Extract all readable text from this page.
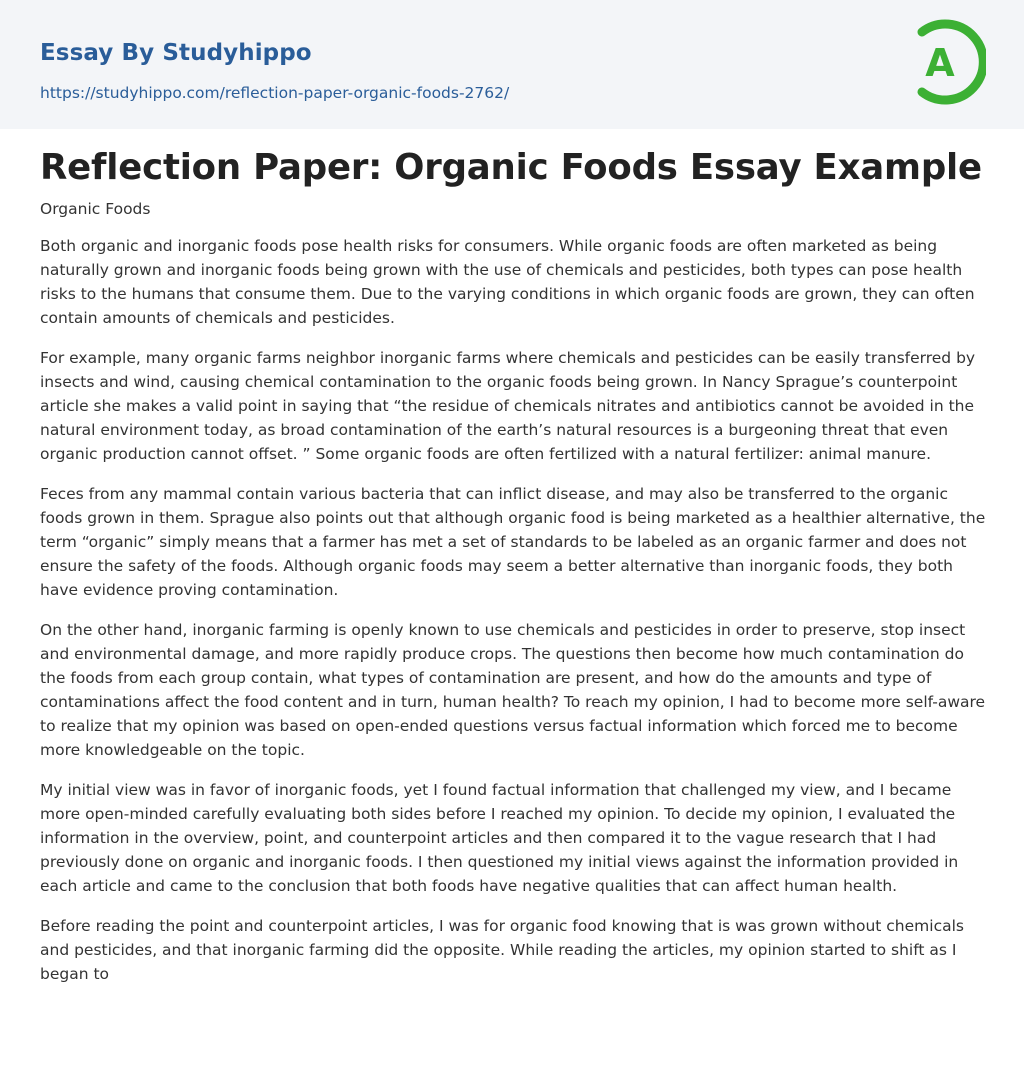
Essay By Studyhippo
https://studyhippo.com/reflection-paper-organic-foods-2762/
A
Reflection Paper: Organic Foods Essay Example
Organic Foods

Both organic and inorganic foods pose health risks for consumers. While organic foods are often marketed as being naturally grown and inorganic foods being grown with the use of chemicals and pesticides, both types can pose health risks to the humans that consume them. Due to the varying conditions in which organic foods are grown, they can often contain amounts of chemicals and pesticides.

For example, many organic farms neighbor inorganic farms where chemicals and pesticides can be easily transferred by insects and wind, causing chemical contamination to the organic foods being grown. In Nancy Sprague’s counterpoint article she makes a valid point in saying that “the residue of chemicals nitrates and antibiotics cannot be avoided in the natural environment today, as broad contamination of the earth’s natural resources is a burgeoning threat that even organic production cannot offset. ” Some organic foods are often fertilized with a natural fertilizer: animal manure.

Feces from any mammal contain various bacteria that can inflict disease, and may also be transferred to the organic foods grown in them. Sprague also points out that although organic food is being marketed as a healthier alternative, the term “organic” simply means that a farmer has met a set of standards to be labeled as an organic farmer and does not ensure the safety of the foods. Although organic foods may seem a better alternative than inorganic foods, they both have evidence proving contamination.

On the other hand, inorganic farming is openly known to use chemicals and pesticides in order to preserve, stop insect and environmental damage, and more rapidly produce crops. The questions then become how much contamination do the foods from each group contain, what types of contamination are present, and how do the amounts and type of contaminations affect the food content and in turn, human health? To reach my opinion, I had to become more self-aware to realize that my opinion was based on open-ended questions versus factual information which forced me to become more knowledgeable on the topic.

My initial view was in favor of inorganic foods, yet I found factual information that challenged my view, and I became more open-minded carefully evaluating both sides before I reached my opinion. To decide my opinion, I evaluated the information in the overview, point, and counterpoint articles and then compared it to the vague research that I had previously done on organic and inorganic foods. I then questioned my initial views against the information provided in each article and came to the conclusion that both foods have negative qualities that can affect human health.

Before reading the point and counterpoint articles, I was for organic food knowing that is was grown without chemicals and pesticides, and that inorganic farming did the opposite. While reading the articles, my opinion started to shift as I began to
